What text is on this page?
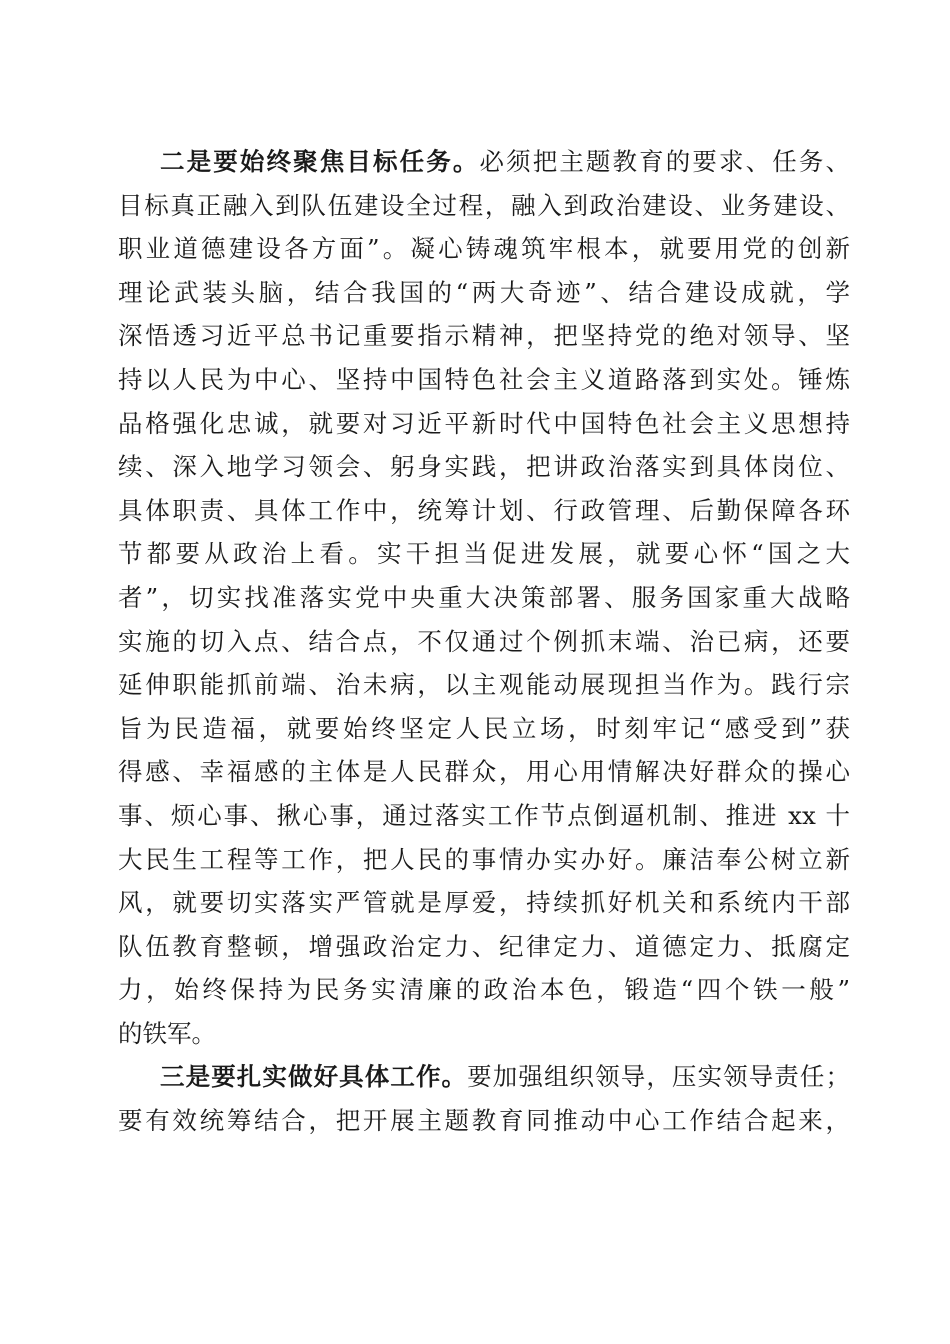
二是要始终聚焦目标任务。必须把主题教育的要求、任务、
目标真正融入到队伍建设全过程，融入到政治建设、业务建设、
职业道德建设各方面”。凝心铸魂筑牢根本，就要用党的创新
理论武装头脑，结合我国的“两大奇迹”、结合建设成就，学
深悟透习近平总书记重要指示精神，把坚持党的绝对领导、坚
持以人民为中心、坚持中国特色社会主义道路落到实处。锤炼
品格强化忠诚，就要对习近平新时代中国特色社会主义思想持
续、深入地学习领会、躬身实践，把讲政治落实到具体岗位、
具体职责、具体工作中，统筹计划、行政管理、后勤保障各环
节都要从政治上看。实干担当促进发展，就要心怀“国之大
者”，切实找准落实党中央重大决策部署、服务国家重大战略
实施的切入点、结合点，不仅通过个例抓末端、治已病，还要
延伸职能抓前端、治未病，以主观能动展现担当作为。践行宗
旨为民造福，就要始终坚定人民立场，时刻牢记“感受到”获
得感、幸福感的主体是人民群众，用心用情解决好群众的操心
事、烦心事、揪心事，通过落实工作节点倒逼机制、推进 xx 十
大民生工程等工作，把人民的事情办实办好。廉洁奉公树立新
风，就要切实落实严管就是厚爱，持续抓好机关和系统内干部
队伍教育整顿，增强政治定力、纪律定力、道德定力、抵腐定
力，始终保持为民务实清廉的政治本色，锻造“四个铁一般”
的铁军。
三是要扎实做好具体工作。要加强组织领导，压实领导责任；
要有效统筹结合，把开展主题教育同推动中心工作结合起来，
